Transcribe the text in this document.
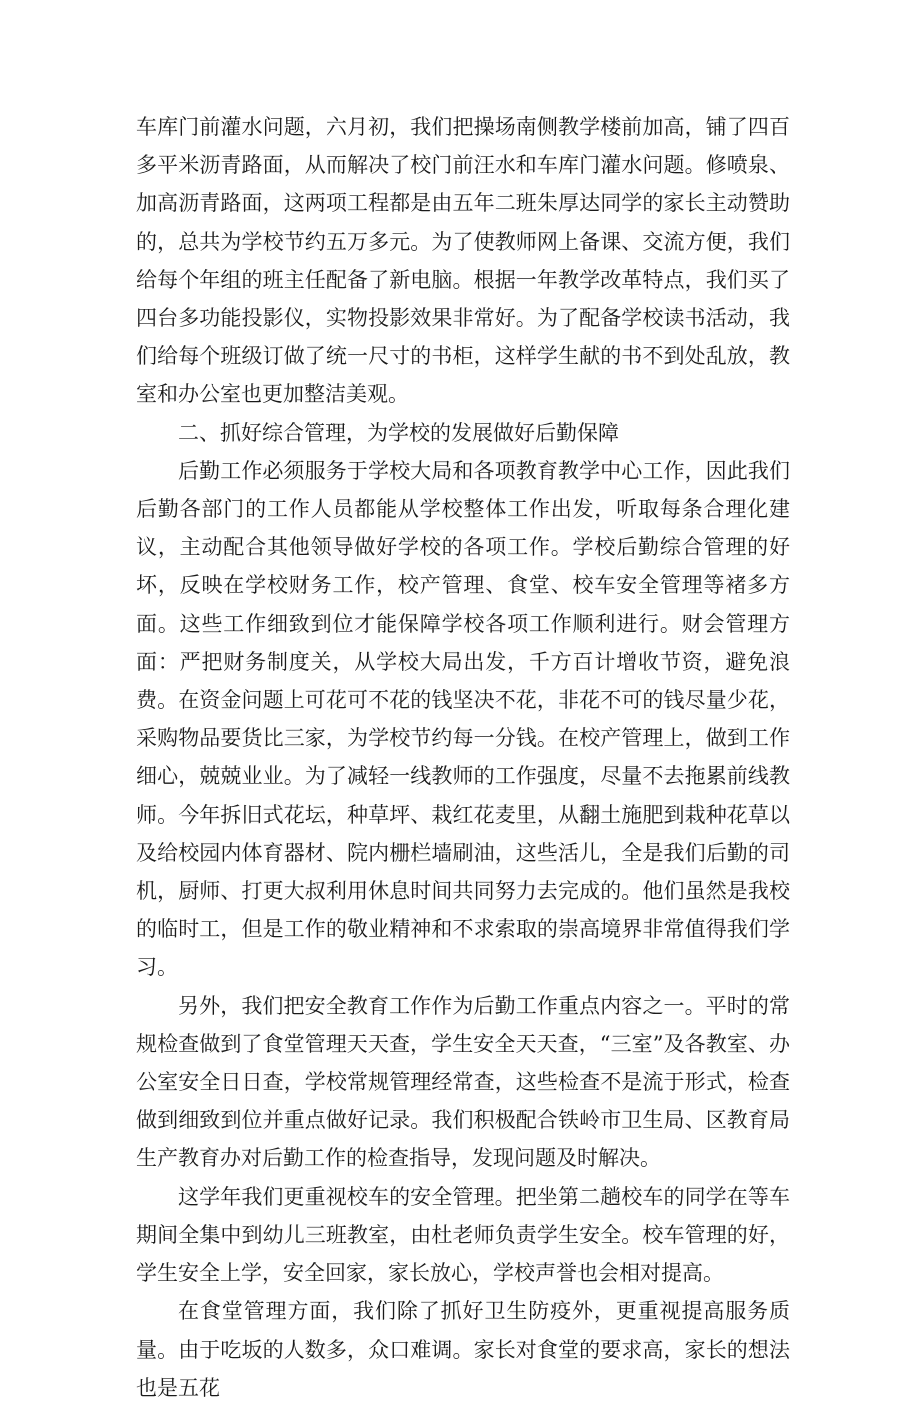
车库门前灌水问题，六月初，我们把操场南侧教学楼前加高，铺了四百多平米沥青路面，从而解决了校门前汪水和车库门灌水问题。修喷泉、加高沥青路面，这两项工程都是由五年二班朱厚达同学的家长主动赞助的，总共为学校节约五万多元。为了使教师网上备课、交流方便，我们给每个年组的班主任配备了新电脑。根据一年教学改革特点，我们买了四台多功能投影仪，实物投影效果非常好。为了配备学校读书活动，我们给每个班级订做了统一尺寸的书柜，这样学生献的书不到处乱放，教室和办公室也更加整洁美观。

二、抓好综合管理，为学校的发展做好后勤保障

后勤工作必须服务于学校大局和各项教育教学中心工作，因此我们后勤各部门的工作人员都能从学校整体工作出发，听取每条合理化建议，主动配合其他领导做好学校的各项工作。学校后勤综合管理的好坏，反映在学校财务工作，校产管理、食堂、校车安全管理等褚多方面。这些工作细致到位才能保障学校各项工作顺利进行。财会管理方面：严把财务制度关，从学校大局出发，千方百计增收节资，避免浪费。在资金问题上可花可不花的钱坚决不花，非花不可的钱尽量少花，采购物品要货比三家，为学校节约每一分钱。在校产管理上，做到工作细心，兢兢业业。为了减轻一线教师的工作强度，尽量不去拖累前线教师。今年拆旧式花坛，种草坪、栽红花麦里，从翻土施肥到栽种花草以及给校园内体育器材、院内栅栏墙刷油，这些活儿，全是我们后勤的司机，厨师、打更大叔利用休息时间共同努力去完成的。他们虽然是我校的临时工，但是工作的敬业精神和不求索取的崇高境界非常值得我们学习。

另外，我们把安全教育工作作为后勤工作重点内容之一。平时的常规检查做到了食堂管理天天查，学生安全天天查，“三室”及各教室、办公室安全日日查，学校常规管理经常查，这些检查不是流于形式，检查做到细致到位并重点做好记录。我们积极配合铁岭市卫生局、区教育局生产教育办对后勤工作的检查指导，发现问题及时解决。

这学年我们更重视校车的安全管理。把坐第二趟校车的同学在等车期间全集中到幼儿三班教室，由杜老师负责学生安全。校车管理的好，学生安全上学，安全回家，家长放心，学校声誉也会相对提高。

在食堂管理方面，我们除了抓好卫生防疫外，更重视提高服务质量。由于吃坂的人数多，众口难调。家长对食堂的要求高，家长的想法也是五花
